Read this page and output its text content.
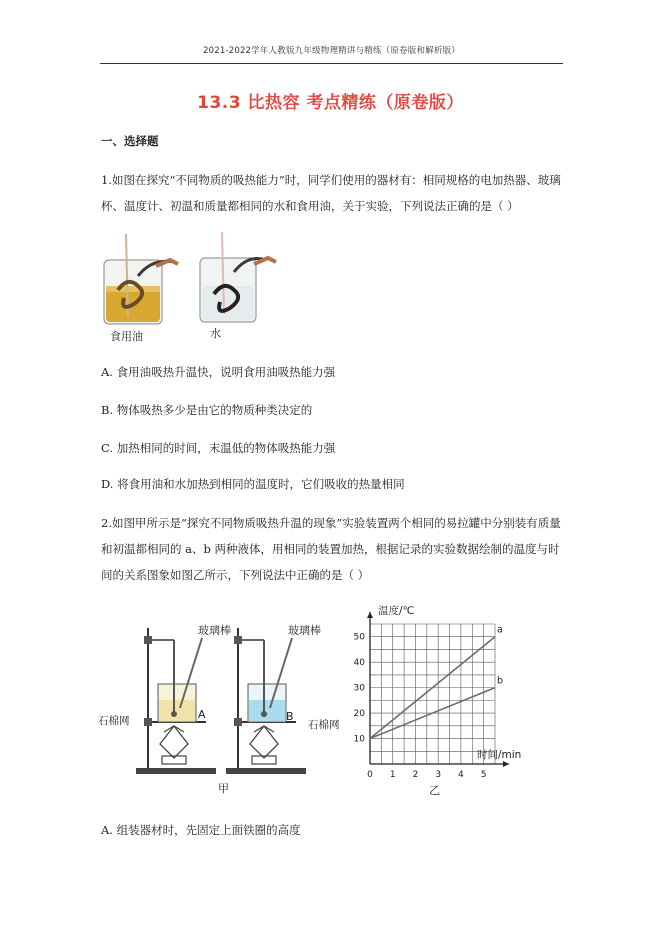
2021-2022学年人教版九年级物理精讲与精练（原卷版和解析版）
13.3 比热容 考点精练（原卷版）
一、选择题
1.如图在探究“不同物质的吸热能力”时，同学们使用的器材有：相同规格的电加热器、玻璃
杯、温度计、初温和质量都相同的水和食用油，关于实验，下列说法正确的是（ ）
食用油	水
A. 食用油吸热升温快，说明食用油吸热能力强
B. 物体吸热多少是由它的物质种类决定的
C. 加热相同的时间，末温低的物体吸热能力强
D. 将食用油和水加热到相同的温度时，它们吸收的热量相同
2.如图甲所示是“探究不同物质吸热升温的现象”实验装置两个相同的易拉罐中分别装有质量
和初温都相同的 a、b 两种液体，用相同的装置加热，根据记录的实验数据绘制的温度与时
间的关系图象如图乙所示，下列说法中正确的是（ ）
玻璃棒	玻璃棒
石棉网	石棉网
A	B
甲
0 1 2 3 4 5
10
20
30
40
50
温度/℃
时间/min
乙
a
b
A. 组装器材时，先固定上面铁圈的高度
